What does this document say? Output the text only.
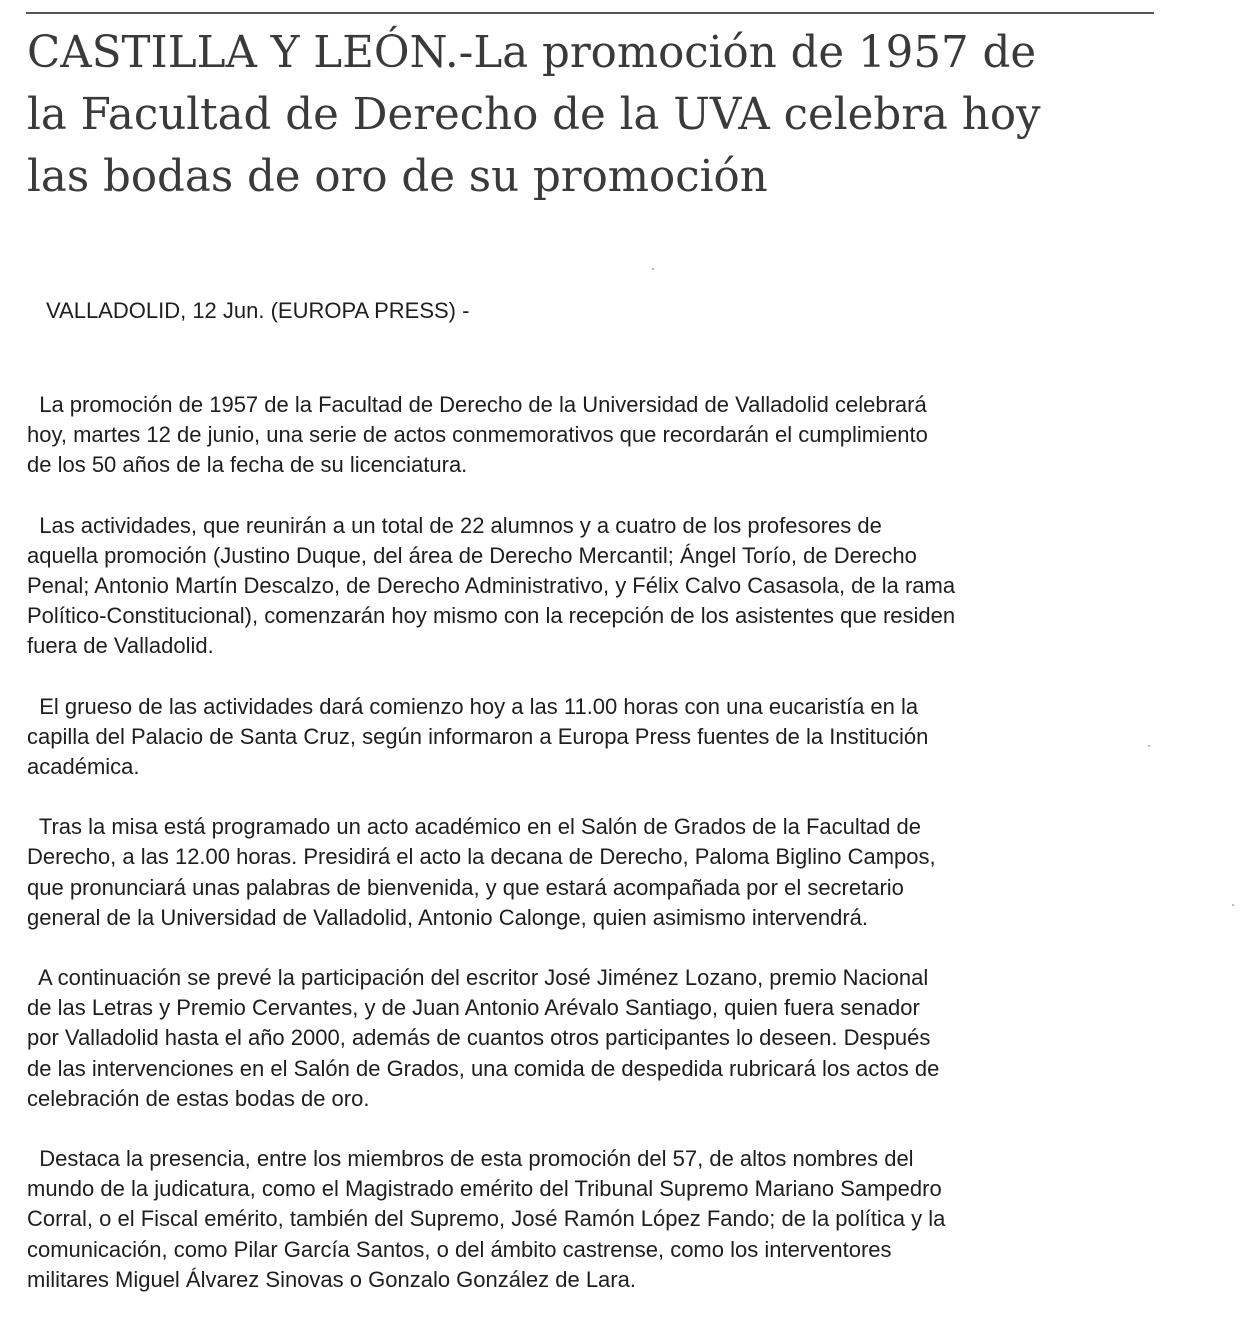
CASTILLA Y LEÓN.-La promoción de 1957 de
la Facultad de Derecho de la UVA celebra hoy
las bodas de oro de su promoción

VALLADOLID, 12 Jun. (EUROPA PRESS) -

La promoción de 1957 de la Facultad de Derecho de la Universidad de Valladolid celebrará
hoy, martes 12 de junio, una serie de actos conmemorativos que recordarán el cumplimiento
de los 50 años de la fecha de su licenciatura.

Las actividades, que reunirán a un total de 22 alumnos y a cuatro de los profesores de
aquella promoción (Justino Duque, del área de Derecho Mercantil; Ángel Torío, de Derecho
Penal; Antonio Martín Descalzo, de Derecho Administrativo, y Félix Calvo Casasola, de la rama
Político-Constitucional), comenzarán hoy mismo con la recepción de los asistentes que residen
fuera de Valladolid.

El grueso de las actividades dará comienzo hoy a las 11.00 horas con una eucaristía en la
capilla del Palacio de Santa Cruz, según informaron a Europa Press fuentes de la Institución
académica.

Tras la misa está programado un acto académico en el Salón de Grados de la Facultad de
Derecho, a las 12.00 horas. Presidirá el acto la decana de Derecho, Paloma Biglino Campos,
que pronunciará unas palabras de bienvenida, y que estará acompañada por el secretario
general de la Universidad de Valladolid, Antonio Calonge, quien asimismo intervendrá.

A continuación se prevé la participación del escritor José Jiménez Lozano, premio Nacional
de las Letras y Premio Cervantes, y de Juan Antonio Arévalo Santiago, quien fuera senador
por Valladolid hasta el año 2000, además de cuantos otros participantes lo deseen. Después
de las intervenciones en el Salón de Grados, una comida de despedida rubricará los actos de
celebración de estas bodas de oro.

Destaca la presencia, entre los miembros de esta promoción del 57, de altos nombres del
mundo de la judicatura, como el Magistrado emérito del Tribunal Supremo Mariano Sampedro
Corral, o el Fiscal emérito, también del Supremo, José Ramón López Fando; de la política y la
comunicación, como Pilar García Santos, o del ámbito castrense, como los interventores
militares Miguel Álvarez Sinovas o Gonzalo González de Lara.
